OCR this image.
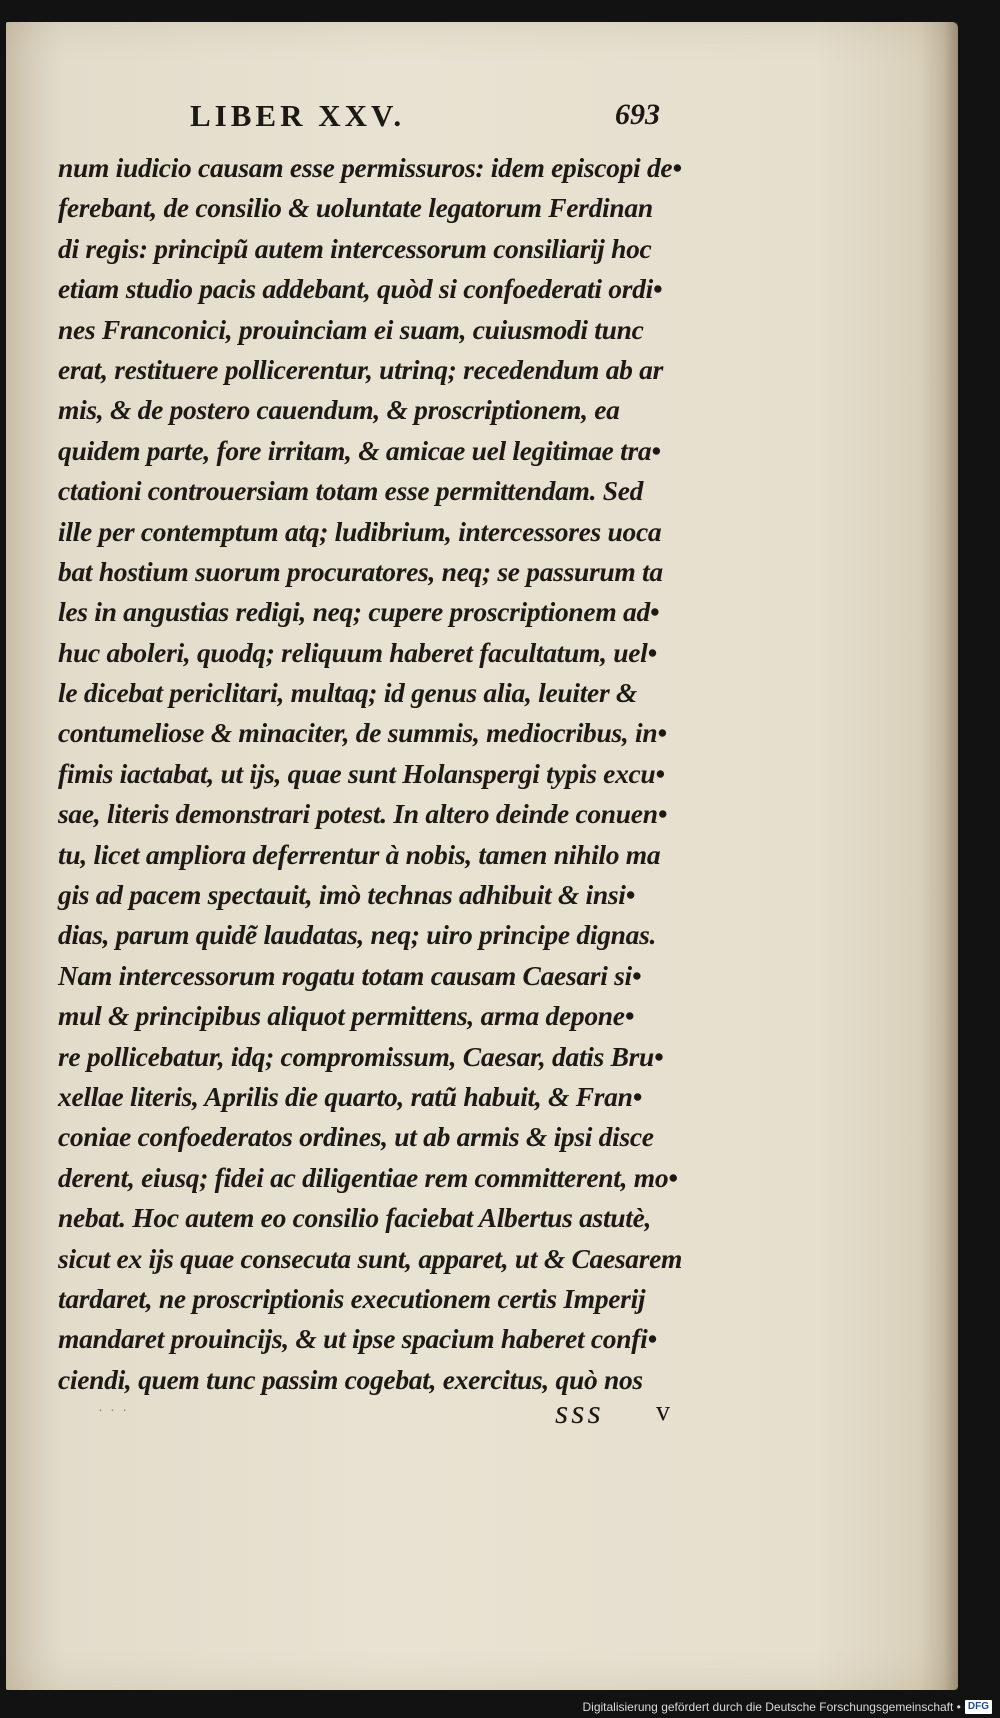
LIBER XXV.	693
num iudicio causam esse permissuros: idem episcopi de•
ferebant, de consilio & uoluntate legatorum Ferdinan
di regis: principũ autem intercessorum consiliarij hoc
etiam studio pacis addebant, quòd si confoederati ordi•
nes Franconici, prouinciam ei suam, cuiusmodi tunc
erat, restituere pollicerentur, utrinq; recedendum ab ar
mis, & de postero cauendum, & proscriptionem, ea
quidem parte, fore irritam, & amicae uel legitimae tra•
ctationi controuersiam totam esse permittendam. Sed
ille per contemptum atq; ludibrium, intercessores uoca
bat hostium suorum procuratores, neq; se passurum ta
les in angustias redigi, neq; cupere proscriptionem ad•
huc aboleri, quodq; reliquum haberet facultatum, uel•
le dicebat periclitari, multaq; id genus alia, leuiter &
contumeliose & minaciter, de summis, mediocribus, in•
fimis iactabat, ut ijs, quae sunt Holanspergi typis excu•
sae, literis demonstrari potest. In altero deinde conuen•
tu, licet ampliora deferrentur à nobis, tamen nihilo ma
gis ad pacem spectauit, imò technas adhibuit & insi•
dias, parum quidẽ laudatas, neq; uiro principe dignas.
Nam intercessorum rogatu totam causam Caesari si•
mul & principibus aliquot permittens, arma depone•
re pollicebatur, idq; compromissum, Caesar, datis Bru•
xellae literis, Aprilis die quarto, ratũ habuit, & Fran•
coniae confoederatos ordines, ut ab armis & ipsi disce
derent, eiusq; fidei ac diligentiae rem committerent, mo•
nebat. Hoc autem eo consilio faciebat Albertus astutè,
sicut ex ijs quae consecuta sunt, apparet, ut & Caesarem
tardaret, ne proscriptionis executionem certis Imperij
mandaret prouincijs, & ut ipse spacium haberet confi•
ciendi, quem tunc passim cogebat, exercitus, quò nos
· · ·	sss v
Digitalisierung gefördert durch die Deutsche Forschungsgemeinschaft • DFG
